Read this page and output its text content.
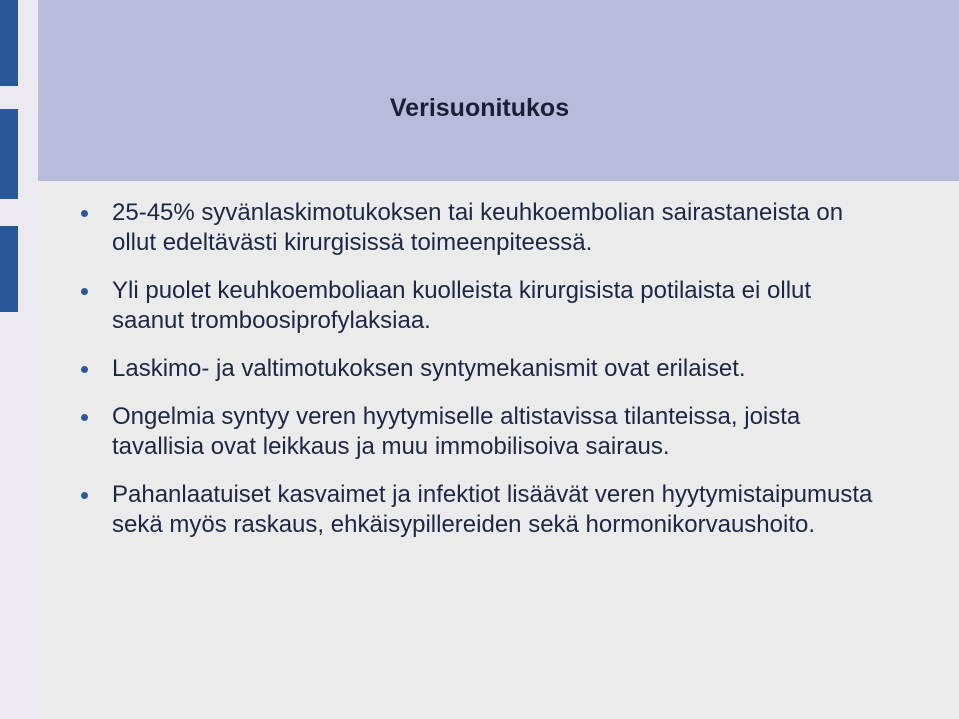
Verisuonitukos
25-45% syvänlaskimotukoksen tai keuhkoembolian sairastaneista on ollut edeltävästi kirurgisissä toimeenpiteessä.
Yli puolet keuhkoemboliaan kuolleista kirurgisista potilaista ei ollut saanut tromboosiprofylaksiaa.
Laskimo- ja valtimotukoksen syntymekanismit ovat erilaiset.
Ongelmia syntyy veren hyytymiselle altistavissa tilanteissa, joista tavallisia ovat leikkaus ja muu immobilisoiva sairaus.
Pahanlaatuiset kasvaimet ja infektiot lisäävät veren hyytymistaipumusta sekä myös raskaus, ehkäisypillereiden sekä hormonikorvaushoito.
